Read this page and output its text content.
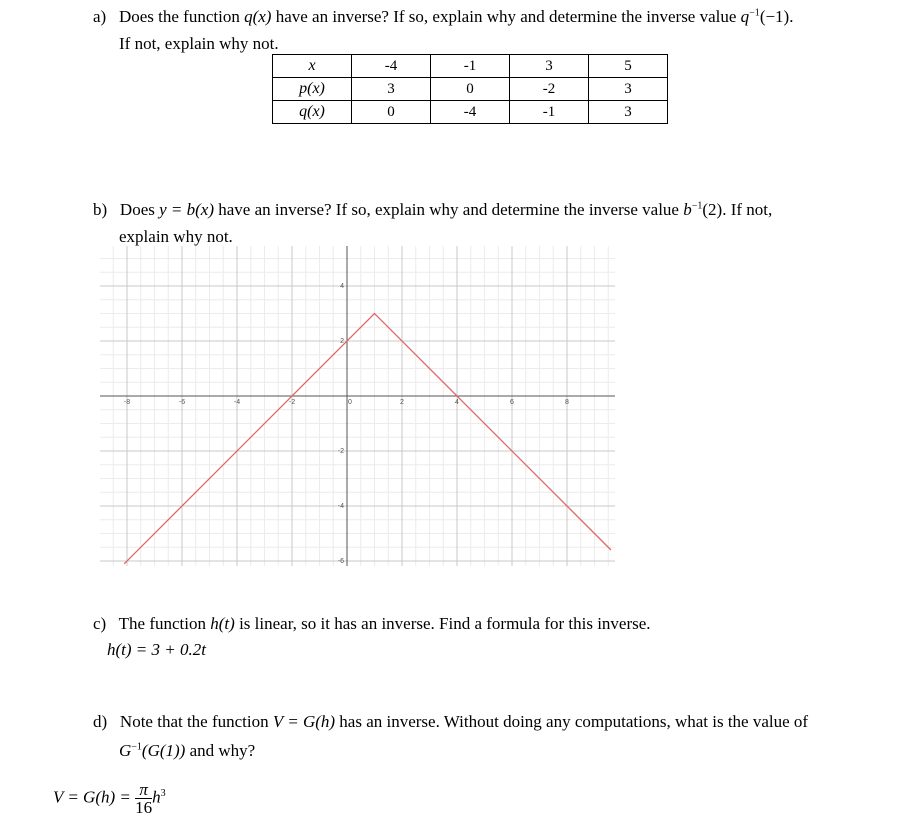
a) Does the function q(x) have an inverse? If so, explain why and determine the inverse value $q^{-1}(-1)$.
If not, explain why not.
x	-4	-1	3	5
p(x)	3	0	-2	3
q(x)	0	-4	-1	3
b) Does y = b(x) have an inverse? If so, explain why and determine the inverse value $b^{-1}(2)$. If not,
explain why not.
-8	-6	-4	-2	0	2	4	6	8
4
2
-2
-4
-6
c) The function h(t) is linear, so it has an inverse. Find a formula for this inverse.
h(t) = 3 + 0.2t
d) Note that the function V = G(h) has an inverse. Without doing any computations, what is the value of
$G^{-1}(G(1))$ and why?
$V = G(h) = \frac{\pi}{16} h^3$
